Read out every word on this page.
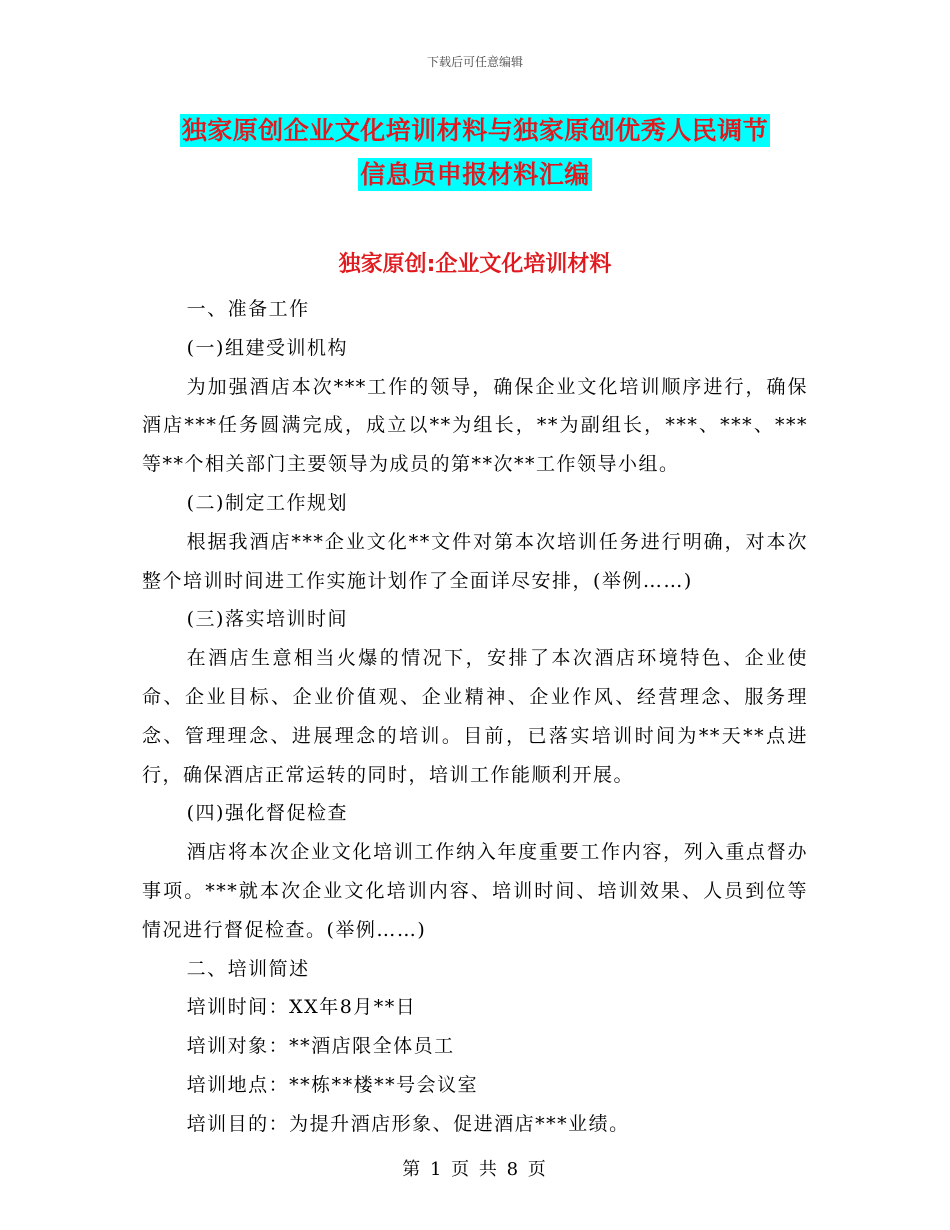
下载后可任意编辑
独家原创企业文化培训材料与独家原创优秀人民调节
信息员申报材料汇编
独家原创:企业文化培训材料

一、准备工作

(一)组建受训机构

为加强酒店本次***工作的领导，确保企业文化培训顺序进行，确保酒店***任务圆满完成，成立以**为组长，**为副组长，***、***、***等**个相关部门主要领导为成员的第**次**工作领导小组。

(二)制定工作规划

根据我酒店***企业文化**文件对第本次培训任务进行明确，对本次整个培训时间进工作实施计划作了全面详尽安排，(举例……)

(三)落实培训时间

在酒店生意相当火爆的情况下，安排了本次酒店环境特色、企业使命、企业目标、企业价值观、企业精神、企业作风、经营理念、服务理念、管理理念、进展理念的培训。目前，已落实培训时间为**天**点进行，确保酒店正常运转的同时，培训工作能顺利开展。

(四)强化督促检查

酒店将本次企业文化培训工作纳入年度重要工作内容，列入重点督办事项。***就本次企业文化培训内容、培训时间、培训效果、人员到位等情况进行督促检查。(举例……)

二、培训简述

培训时间：XX年8月**日

培训对象：**酒店限全体员工

培训地点：**栋**楼**号会议室

培训目的：为提升酒店形象、促进酒店***业绩。

第 1 页 共 8 页
